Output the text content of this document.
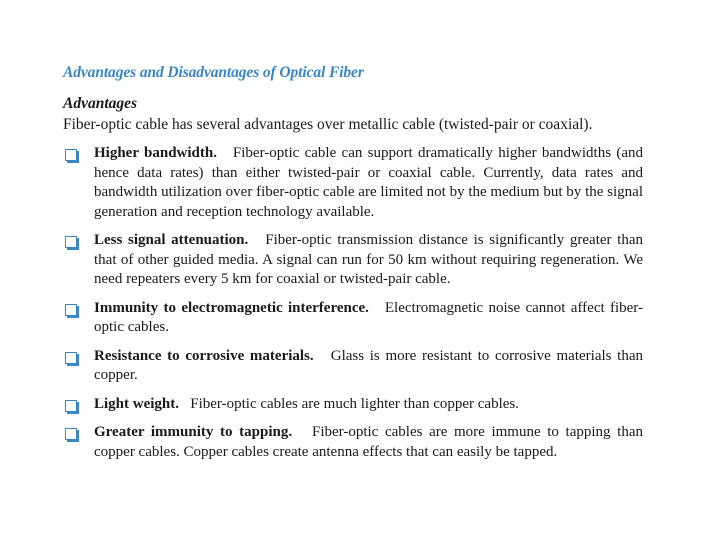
Advantages and Disadvantages of Optical Fiber
Advantages
Fiber-optic cable has several advantages over metallic cable (twisted-pair or coaxial).
Higher bandwidth.   Fiber-optic cable can support dramatically higher bandwidths (and hence data rates) than either twisted-pair or coaxial cable. Currently, data rates and bandwidth utilization over fiber-optic cable are limited not by the medium but by the signal generation and reception technology available.
Less signal attenuation.   Fiber-optic transmission distance is significantly greater than that of other guided media. A signal can run for 50 km without requiring regeneration. We need repeaters every 5 km for coaxial or twisted-pair cable.
Immunity to electromagnetic interference.   Electromagnetic noise cannot affect fiber-optic cables.
Resistance to corrosive materials.   Glass is more resistant to corrosive materials than copper.
Light weight.   Fiber-optic cables are much lighter than copper cables.
Greater immunity to tapping.   Fiber-optic cables are more immune to tapping than copper cables. Copper cables create antenna effects that can easily be tapped.
